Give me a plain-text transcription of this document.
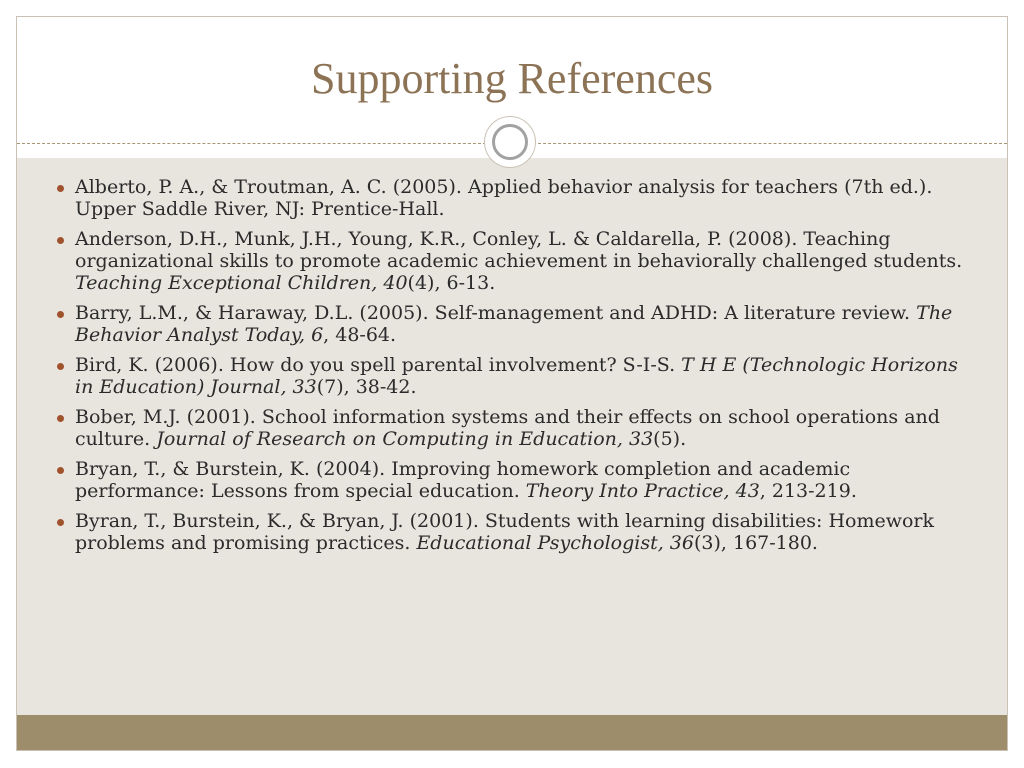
Supporting References
Alberto, P. A., & Troutman, A. C. (2005). Applied behavior analysis for teachers (7th ed.). Upper Saddle River, NJ: Prentice-Hall.
Anderson, D.H., Munk, J.H., Young, K.R., Conley, L. & Caldarella, P. (2008). Teaching organizational skills to promote academic achievement in behaviorally challenged students. Teaching Exceptional Children, 40(4), 6-13.
Barry, L.M., & Haraway, D.L. (2005). Self-management and ADHD: A literature review. The Behavior Analyst Today, 6, 48-64.
Bird, K. (2006). How do you spell parental involvement? S-I-S. T H E (Technologic Horizons in Education) Journal, 33(7), 38-42.
Bober, M.J. (2001). School information systems and their effects on school operations and culture. Journal of Research on Computing in Education, 33(5).
Bryan, T., & Burstein, K. (2004). Improving homework completion and academic performance: Lessons from special education. Theory Into Practice, 43, 213-219.
Byran, T., Burstein, K., & Bryan, J. (2001). Students with learning disabilities: Homework problems and promising practices. Educational Psychologist, 36(3), 167-180.
